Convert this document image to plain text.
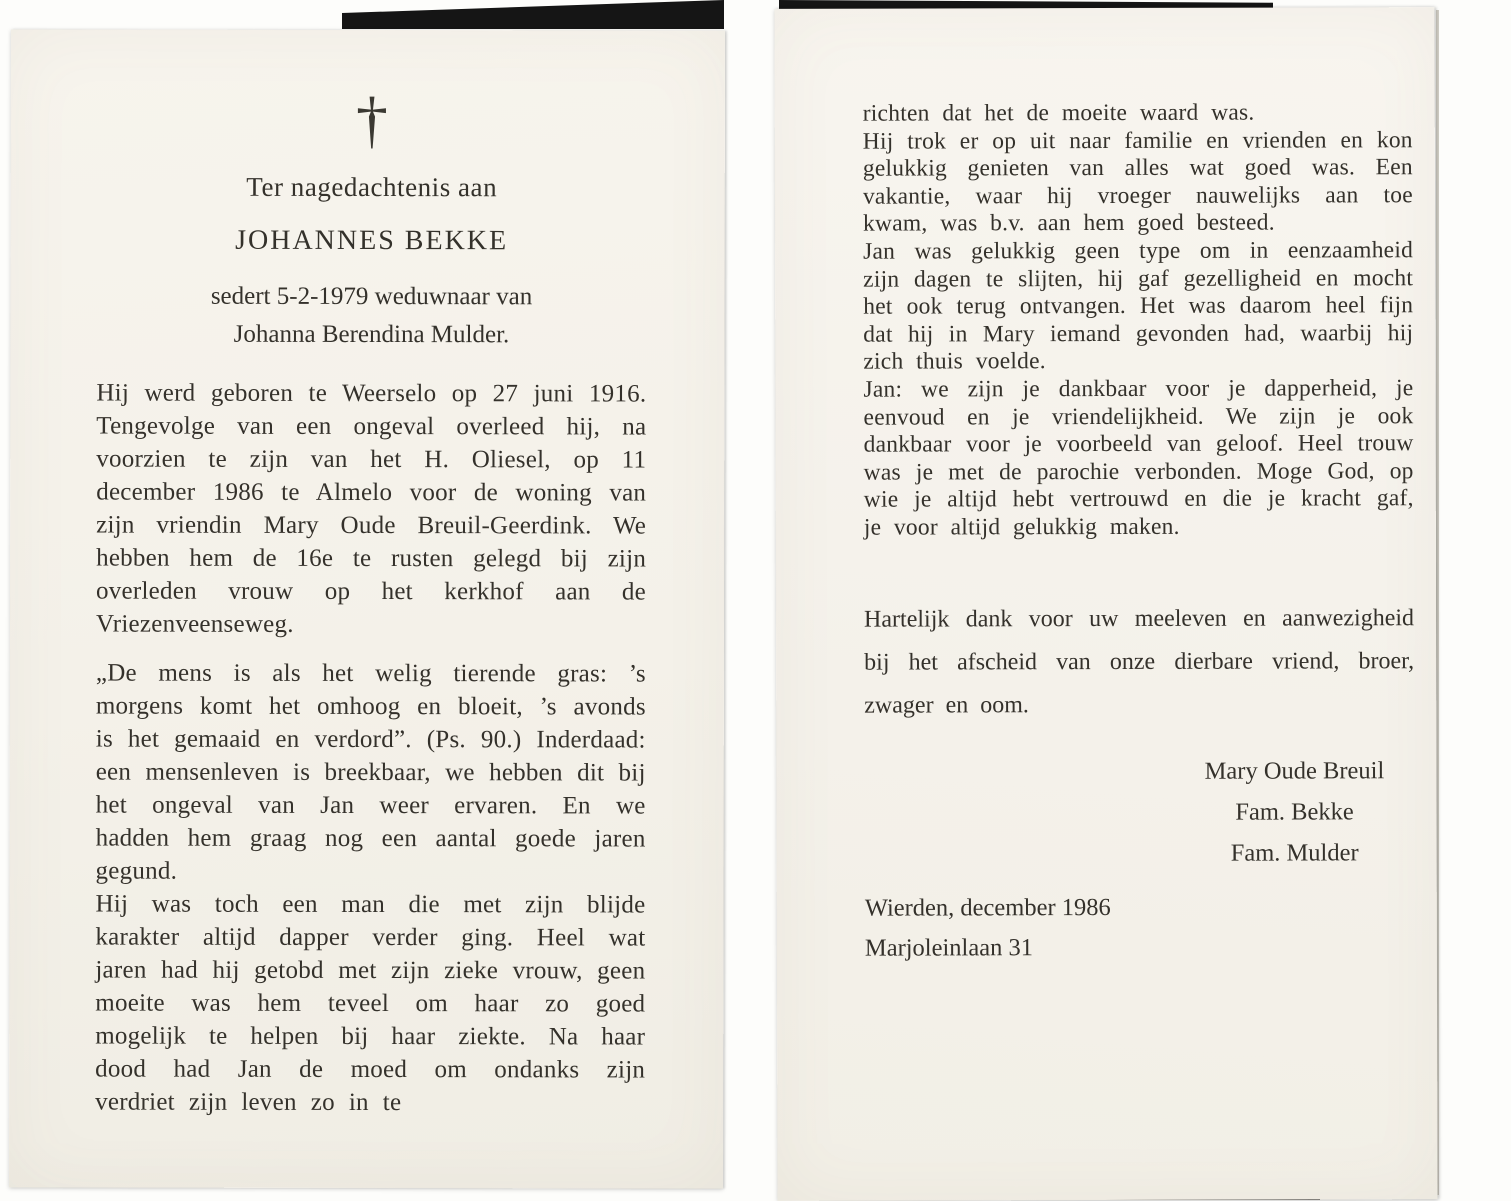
†
Ter nagedachtenis aan
JOHANNES BEKKE
sedert 5-2-1979 weduwnaar van
Johanna Berendina Mulder.

Hij werd geboren te Weerselo op 27 juni 1916. Tengevolge van een ongeval overleed hij, na voorzien te zijn van het H. Oliesel, op 11 december 1986 te Almelo voor de woning van zijn vriendin Mary Oude Breuil-Geerdink. We hebben hem de 16e te rusten gelegd bij zijn overleden vrouw op het kerkhof aan de Vriezenveenseweg.

„De mens is als het welig tierende gras: ’s morgens komt het omhoog en bloeit, ’s avonds is het gemaaid en verdord”. (Ps. 90.) Inderdaad: een mensenleven is breekbaar, we hebben dit bij het ongeval van Jan weer ervaren. En we hadden hem graag nog een aantal goede jaren gegund.

Hij was toch een man die met zijn blijde karakter altijd dapper verder ging. Heel wat jaren had hij getobd met zijn zieke vrouw, geen moeite was hem teveel om haar zo goed mogelijk te helpen bij haar ziekte. Na haar dood had Jan de moed om ondanks zijn verdriet zijn leven zo in te

richten dat het de moeite waard was.

Hij trok er op uit naar familie en vrienden en kon gelukkig genieten van alles wat goed was. Een vakantie, waar hij vroeger nauwelijks aan toe kwam, was b.v. aan hem goed besteed.

Jan was gelukkig geen type om in eenzaamheid zijn dagen te slijten, hij gaf gezelligheid en mocht het ook terug ontvangen. Het was daarom heel fijn dat hij in Mary iemand gevonden had, waarbij hij zich thuis voelde.

Jan: we zijn je dankbaar voor je dapperheid, je eenvoud en je vriendelijkheid. We zijn je ook dankbaar voor je voorbeeld van geloof. Heel trouw was je met de parochie verbonden. Moge God, op wie je altijd hebt vertrouwd en die je kracht gaf, je voor altijd gelukkig maken.

Hartelijk dank voor uw meeleven en aanwezigheid bij het afscheid van onze dierbare vriend, broer, zwager en oom.

Mary Oude Breuil
Fam. Bekke
Fam. Mulder
Wierden, december 1986
Marjoleinlaan 31
